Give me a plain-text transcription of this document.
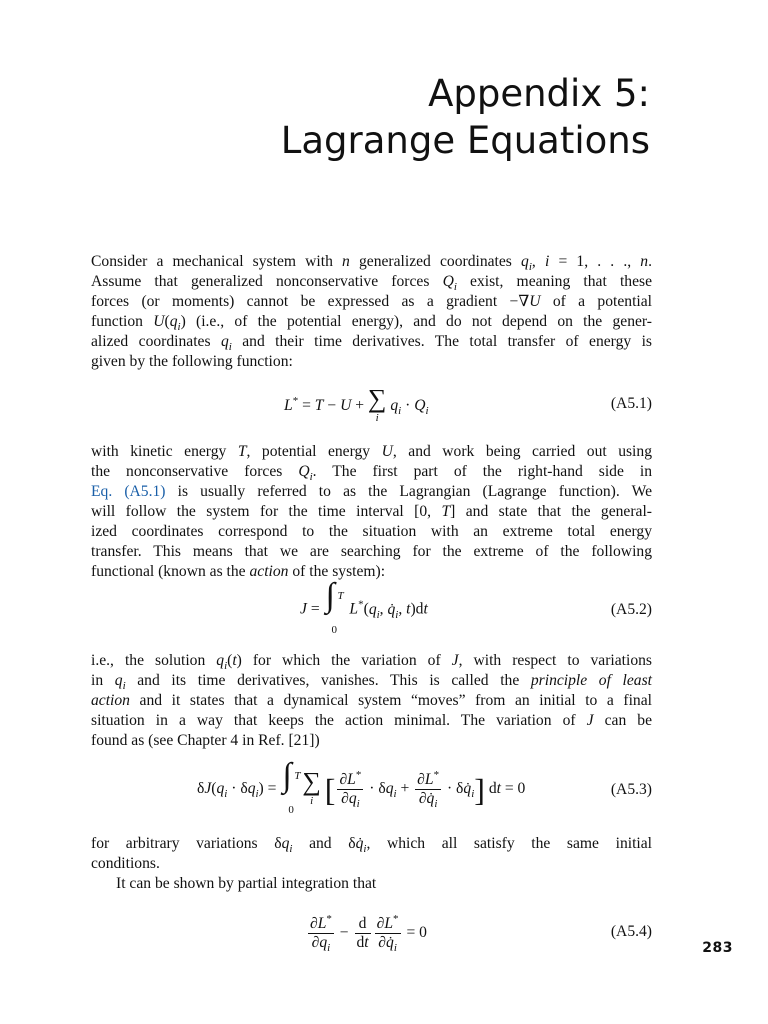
Appendix 5:
Lagrange Equations
Consider a mechanical system with n generalized coordinates $q_i$, i = 1, . . ., n.
Assume that generalized nonconservative forces $Q_i$ exist, meaning that these
forces (or moments) cannot be expressed as a gradient −∇U of a potential
function $U(q_i)$ (i.e., of the potential energy), and do not depend on the gener-
alized coordinates $q_i$ and their time derivatives. The total transfer of energy is
given by the following function:
L* = T − U + ∑
i $q_i \cdot Q_i$	(A5.1)
with kinetic energy T, potential energy U, and work being carried out using
the nonconservative forces $Q_i$. The first part of the right-hand side in
Eq. (A5.1) is usually referred to as the Lagrangian (Lagrange function). We
will follow the system for the time interval [0, T] and state that the general-
ized coordinates correspond to the situation with an extreme total energy
transfer. This means that we are searching for the extreme of the following
functional (known as the action of the system):
J = ∫ T
0
$L^*(q_i$, $q̇_i$, t)dt	(A5.2)
i.e., the solution $q_i(t)$ for which the variation of J, with respect to variations
in $q_i$ and its time derivatives, vanishes. This is called the principle of least
action and it states that a dynamical system “moves” from an initial to a final
situation in a way that keeps the action minimal. The variation of J can be
found as (see Chapter 4 in Ref. [21])
$\delta J(q_i \cdot \delta q_i)$ = ∫ T
0
∑
i [ $\frac{\partial L^*}{\partial q_i} \cdot \delta q_i + \frac{\partial L^*}{\partial q̇_i}$ · $\delta q̇_i$] dt = 0	(A5.3)
for arbitrary variations $\delta q_i$ and $\delta q̇_i$, which all satisfy the same initial
conditions.
It can be shown by partial integration that
$\frac{\partial L^*}{\partial q_i} - \frac{d}{dt} \frac{\partial L^*}{\partial q̇_i} = 0$	(A5.4)
283
